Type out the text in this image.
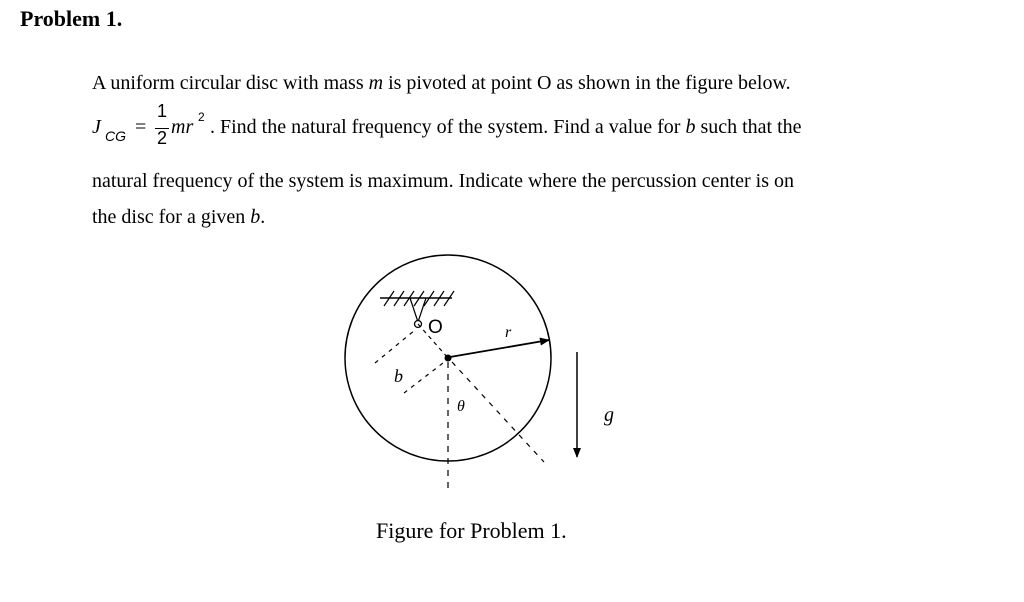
Problem 1.
A uniform circular disc with mass m is pivoted at point O as shown in the figure below.
J CG =
1
2 mr 2 . Find the natural frequency of the system. Find a value for b such that the
natural frequency of the system is maximum. Indicate where the percussion center is on
the disc for a given b.
O	r
b
θ	g
Figure for Problem 1.
